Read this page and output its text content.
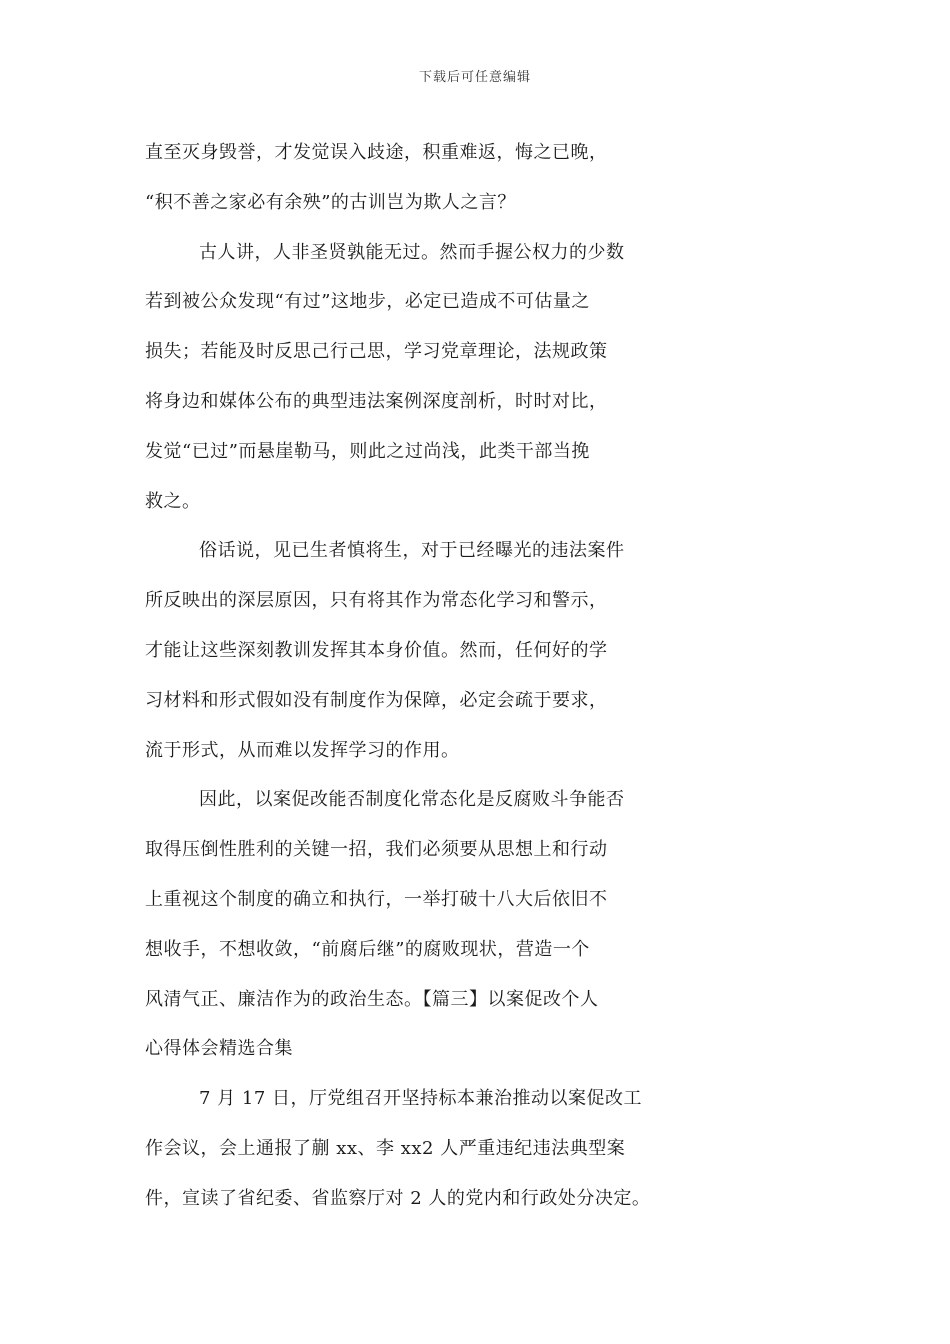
下载后可任意编辑
直至灭身毁誉，才发觉误入歧途，积重难返，悔之已晚，
“积不善之家必有余殃”的古训岂为欺人之言？
古人讲，人非圣贤孰能无过。然而手握公权力的少数
若到被公众发现“有过”这地步，必定已造成不可估量之
损失；若能及时反思己行己思，学习党章理论，法规政策
将身边和媒体公布的典型违法案例深度剖析，时时对比，
发觉“已过”而悬崖勒马，则此之过尚浅，此类干部当挽
救之。
俗话说，见已生者慎将生，对于已经曝光的违法案件
所反映出的深层原因，只有将其作为常态化学习和警示，
才能让这些深刻教训发挥其本身价值。然而，任何好的学
习材料和形式假如没有制度作为保障，必定会疏于要求，
流于形式，从而难以发挥学习的作用。
因此，以案促改能否制度化常态化是反腐败斗争能否
取得压倒性胜利的关键一招，我们必须要从思想上和行动
上重视这个制度的确立和执行，一举打破十八大后依旧不
想收手，不想收敛，“前腐后继”的腐败现状，营造一个
风清气正、廉洁作为的政治生态。【篇三】以案促改个人
心得体会精选合集
7 月 17 日，厅党组召开坚持标本兼治推动以案促改工
作会议，会上通报了蒯 xx、李 xx2 人严重违纪违法典型案
件，宣读了省纪委、省监察厅对 2 人的党内和行政处分决定。
